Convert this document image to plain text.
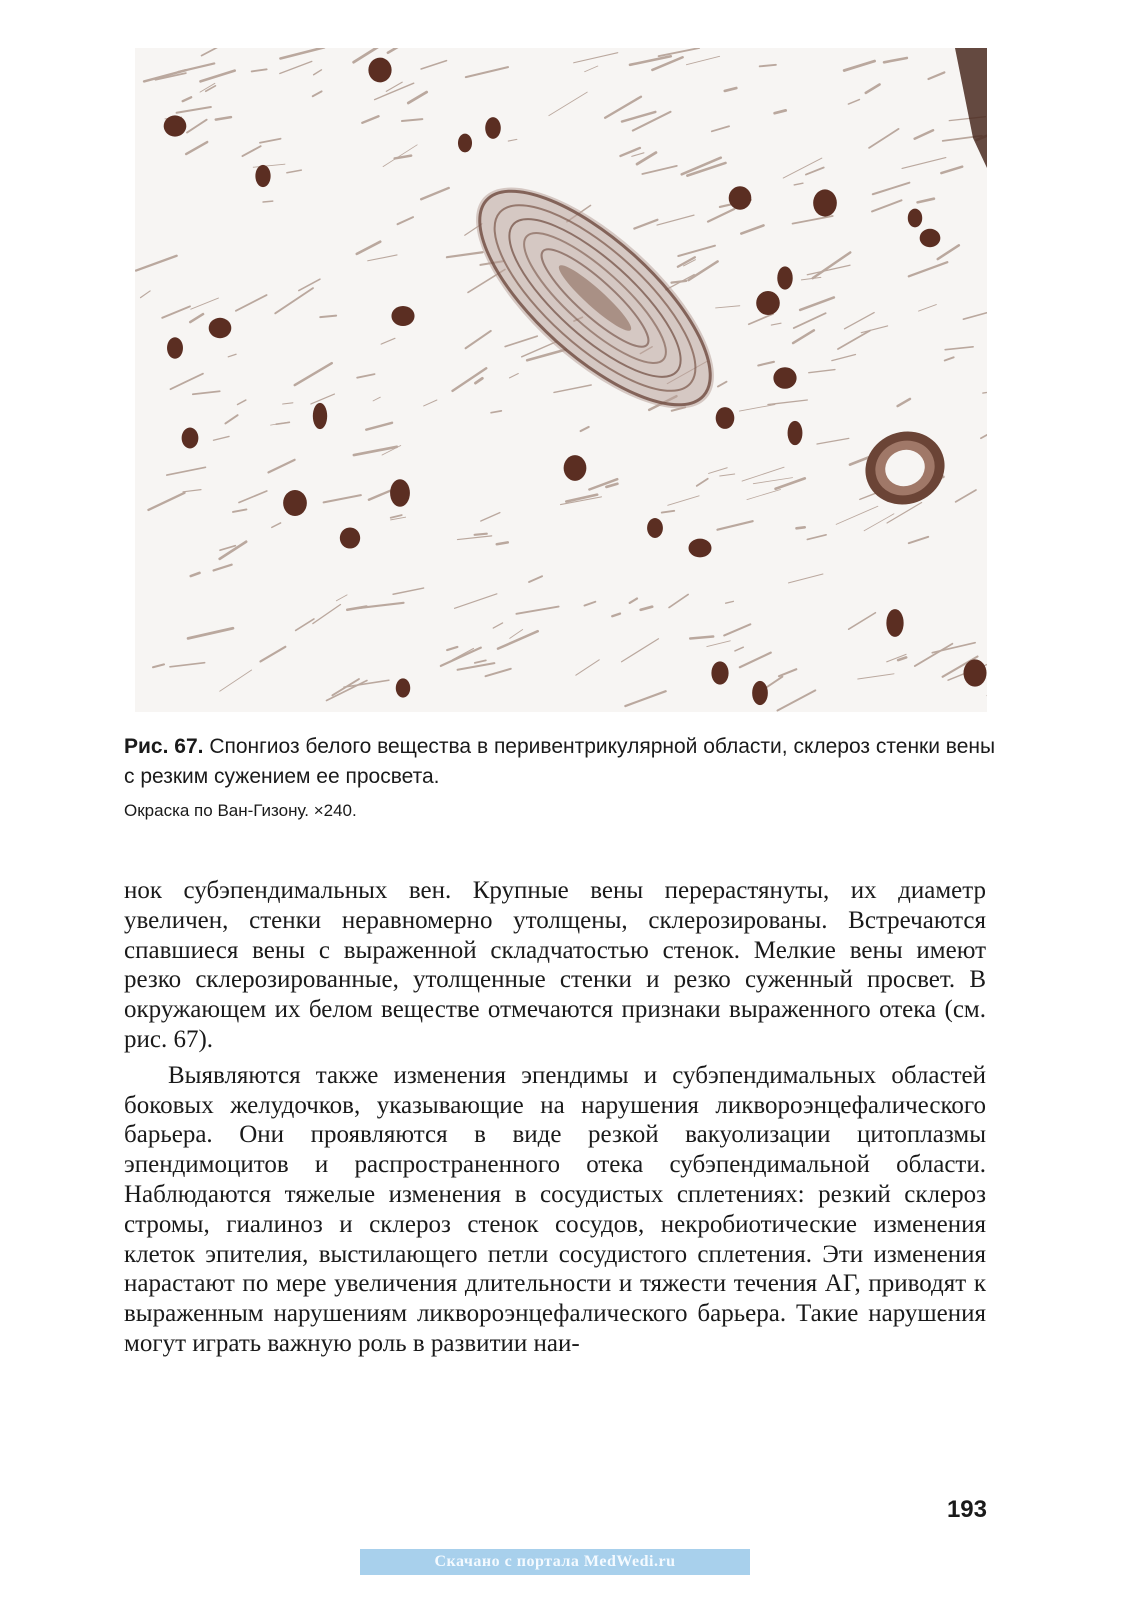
Рис. 67. Спонгиоз белого вещества в перивентрикулярной области, склероз стенки вены с резким сужением ее просвета.

Окраска по Ван-Гизону. ×240.

нок субэпендимальных вен. Крупные вены перерастянуты, их диаметр увеличен, стенки неравномерно утолщены, склерозированы. Встречаются спавшиеся вены с выраженной складчатостью стенок. Мелкие вены имеют резко склерозированные, утолщенные стенки и резко суженный просвет. В окружающем их белом веществе отмечаются признаки выраженного отека (см. рис. 67).

Выявляются также изменения эпендимы и субэпендимальных областей боковых желудочков, указывающие на нарушения ликвороэнцефалического барьера. Они проявляются в виде резкой вакуолизации цитоплазмы эпендимоцитов и распространенного отека субэпендимальной области. Наблюдаются тяжелые изменения в сосудистых сплетениях: резкий склероз стромы, гиалиноз и склероз стенок сосудов, некробиотические изменения клеток эпителия, выстилающего петли сосудистого сплетения. Эти изменения нарастают по мере увеличения длительности и тяжести течения АГ, приводят к выраженным нарушениям ликвороэнцефалического барьера. Такие нарушения могут играть важную роль в развитии наи-

193
Скачано с портала MedWedi.ru
